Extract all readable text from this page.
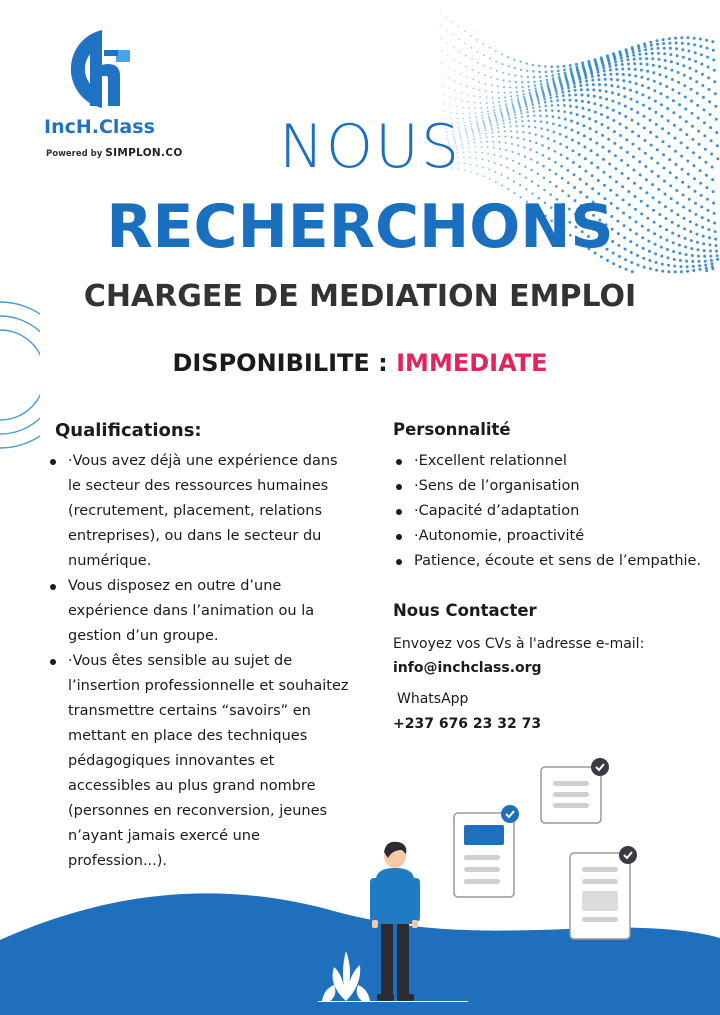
IncH.Class
Powered by SIMPLON.CO	NOUS
RECHERCHONS
CHARGEE DE MEDIATION EMPLOI
DISPONIBILITE : IMMEDIATE
Qualifications:
·Vous avez déjà une expérience dans le secteur des ressources humaines (recrutement, placement, relations entreprises), ou dans le secteur du numérique.
Vous disposez en outre d’une expérience dans l’animation ou la gestion d’un groupe.
·Vous êtes sensible au sujet de l’insertion professionnelle et souhaitez transmettre certains “savoirs” en mettant en place des techniques pédagogiques innovantes et accessibles au plus grand nombre (personnes en reconversion, jeunes n’ayant jamais exercé une profession...).
Personnalité
·Excellent relationnel
·Sens de l’organisation
·Capacité d’adaptation
·Autonomie, proactivité
Patience, écoute et sens de l’empathie.
Nous Contacter
Envoyez vos CVs à l'adresse e-mail:
info@inchclass.org
WhatsApp
+237 676 23 32 73
